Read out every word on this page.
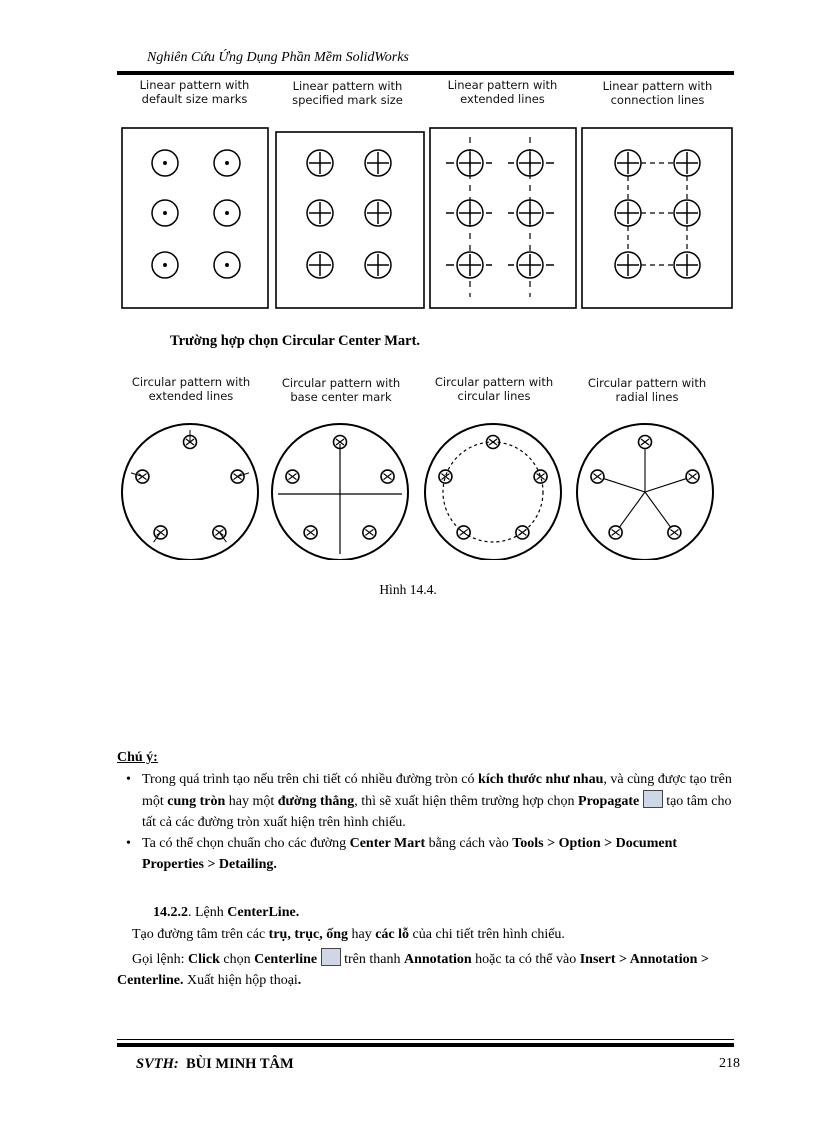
Nghiên Cứu Ứng Dụng Phần Mềm SolidWorks
Linear pattern with
default size marks
Linear pattern with
specified mark size
Linear pattern with
extended lines
Linear pattern with
connection lines
Trường hợp chọn Circular Center Mart.
Circular pattern with
extended lines
Circular pattern with
base center mark
Circular pattern with
circular lines
Circular pattern with
radial lines
Hình 14.4.
Chú ý:
• Trong quá trình tạo nếu trên chi tiết có nhiều đường tròn có kích thước như nhau, và cùng được tạo trên một cung tròn hay một đường thẳng, thì sẽ xuất hiện thêm trường hợp chọn Propagate  tạo tâm cho tất cả các đường tròn xuất hiện trên hình chiếu.
• Ta có thể chọn chuẩn cho các đường Center Mart bằng cách vào Tools > Option > Document Properties > Detailing.
14.2.2. Lệnh CenterLine.
Tạo đường tâm trên các trụ, trục, ống hay các lỗ của chi tiết trên hình chiếu.
Gọi lệnh: Click chọn Centerline  trên thanh Annotation hoặc ta có thể vào Insert > Annotation > Centerline. Xuất hiện hộp thoại.
SVTH: BÙI MINH TÂM	218
